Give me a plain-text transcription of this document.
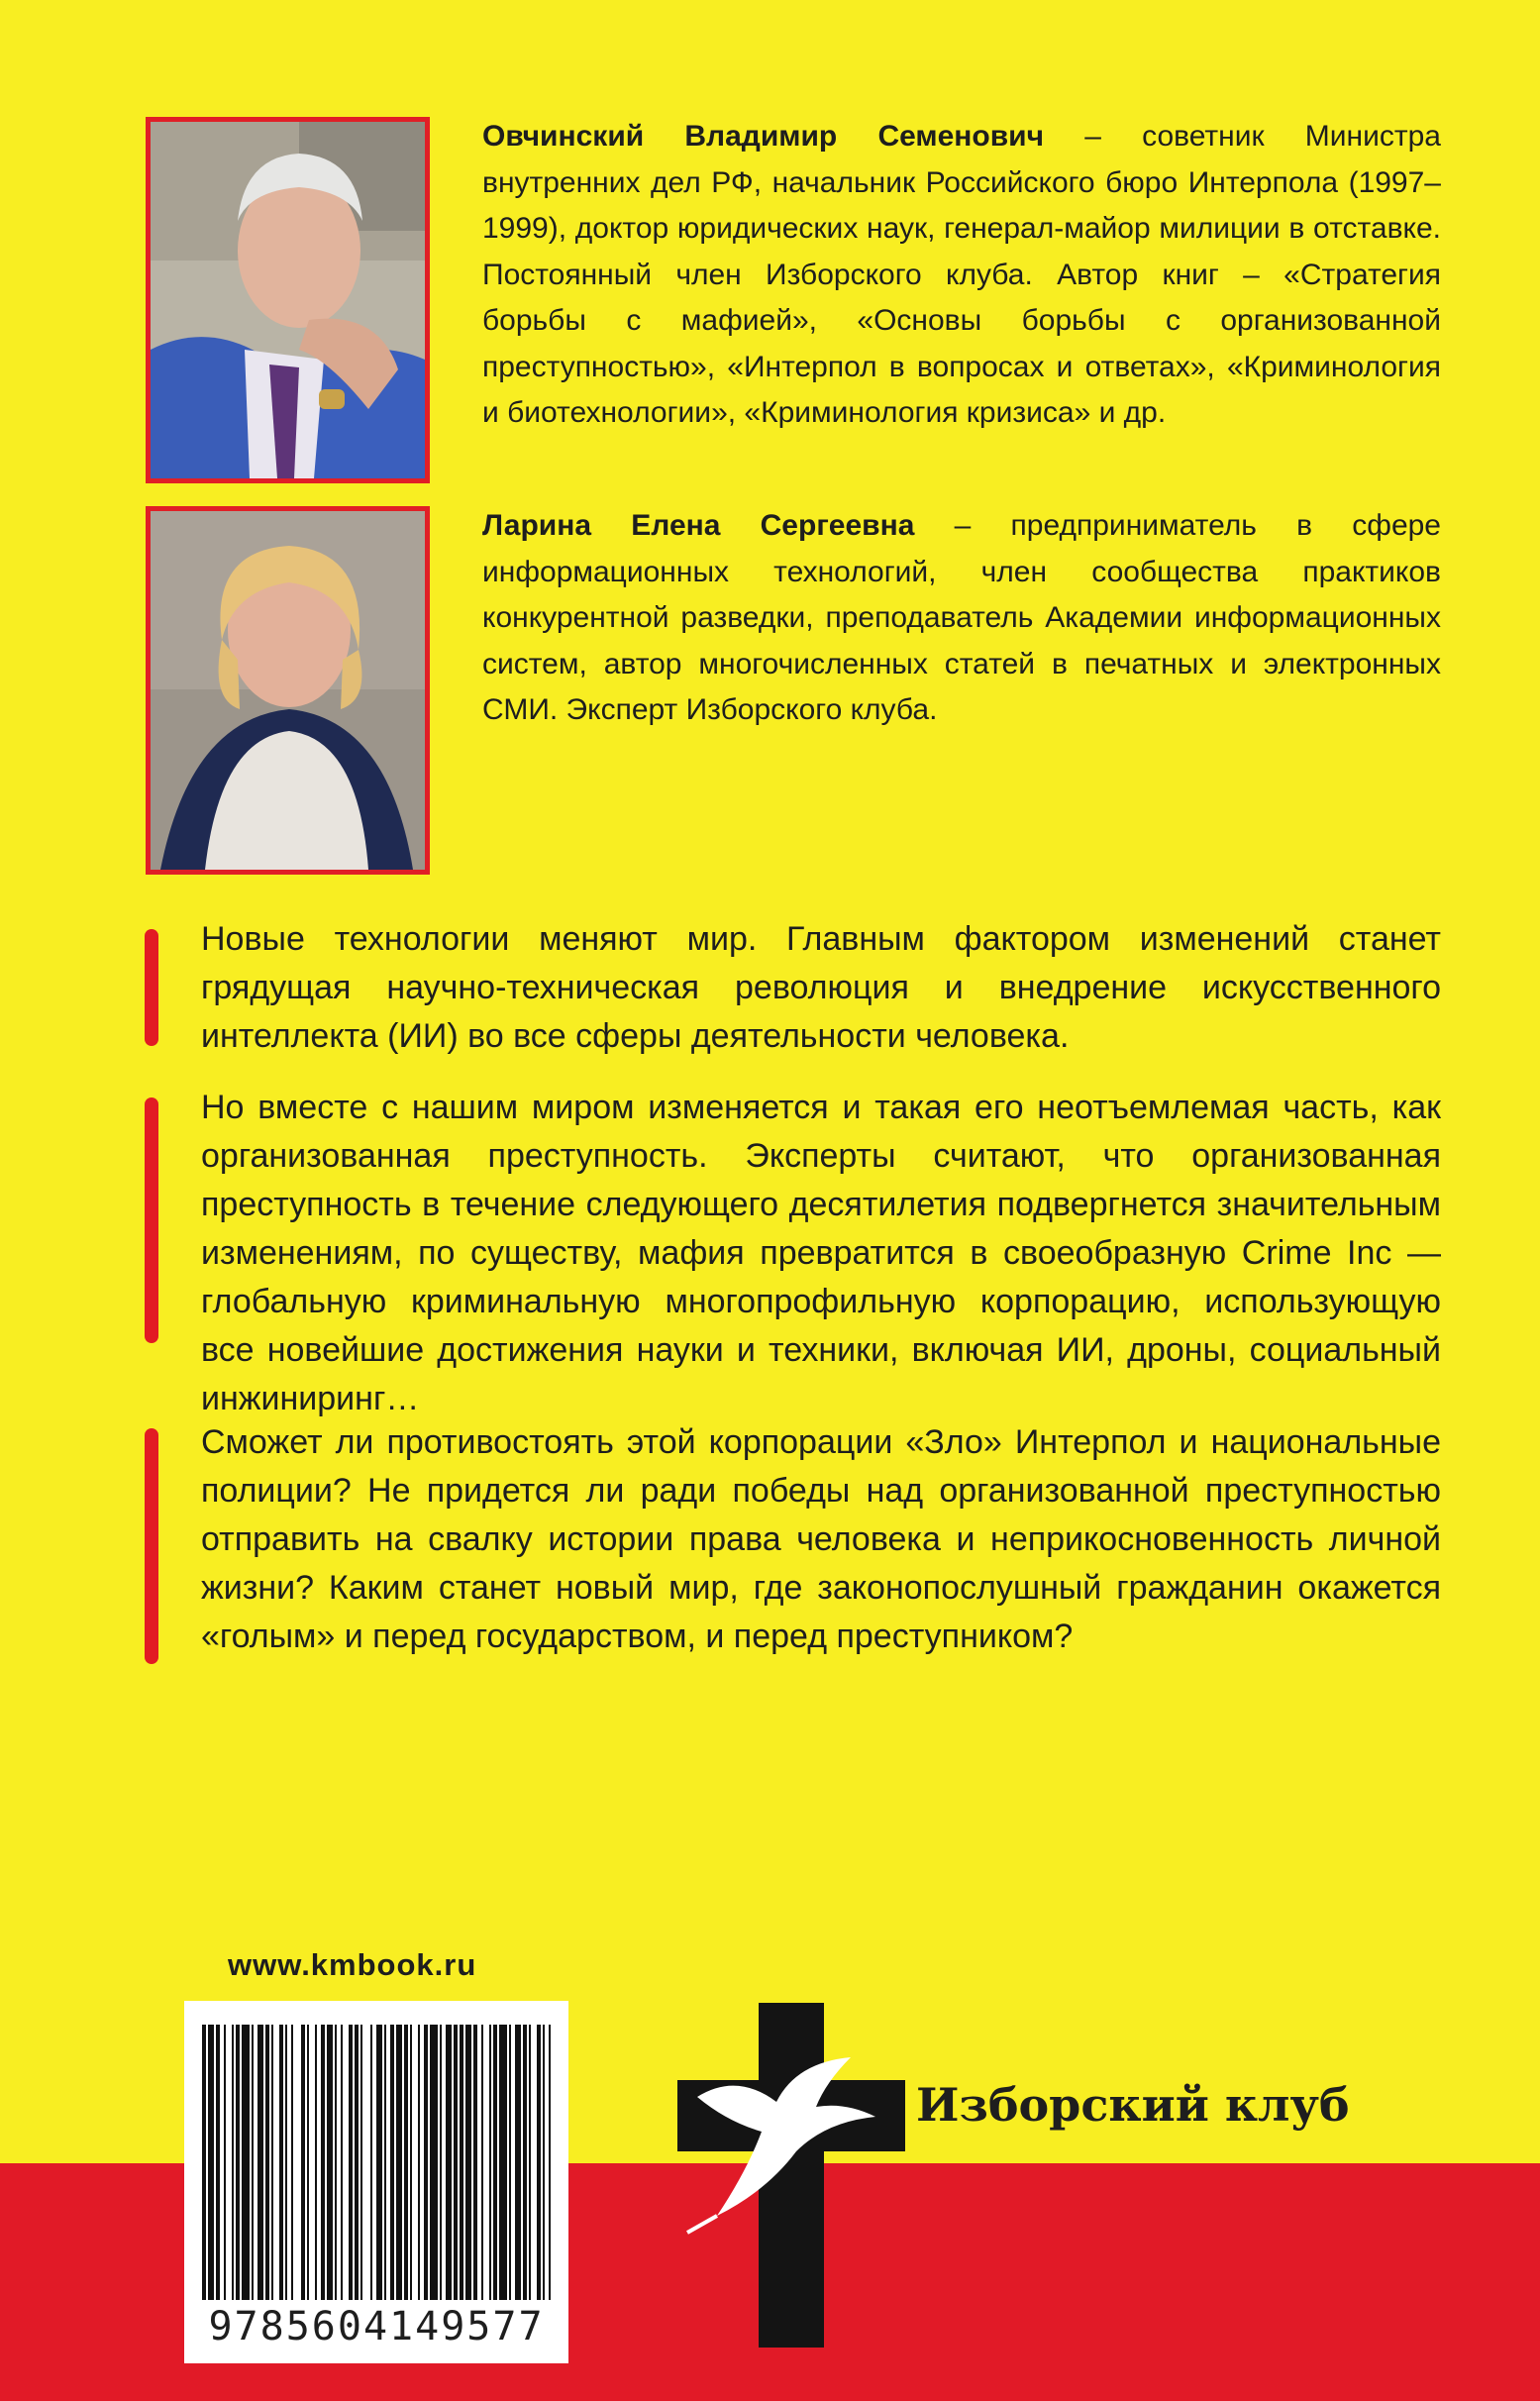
Овчинский Владимир Семенович – советник Министра внутренних дел РФ, начальник Российского бюро Интерпола (1997–1999), доктор юридических наук, генерал-майор милиции в отставке. Постоянный член Изборского клуба. Автор книг – «Стратегия борьбы с мафией», «Основы борьбы с организованной преступностью», «Интерпол в вопросах и ответах», «Криминология и биотехнологии», «Криминология кризиса» и др.

Ларина Елена Сергеевна – предприниматель в сфере информационных технологий, член сообщества практиков конкурентной разведки, преподаватель Академии информационных систем, автор многочисленных статей в печатных и электронных СМИ. Эксперт Изборского клуба.

Новые технологии меняют мир. Главным фактором изменений станет грядущая научно-техническая революция и внедрение искусственного интеллекта (ИИ) во все сферы деятельности человека.

Но вместе с нашим миром изменяется и такая его неотъемлемая часть, как организованная преступность. Эксперты считают, что организованная преступность в течение следующего десятилетия подвергнется значительным изменениям, по существу, мафия превратится в своеобразную Crime Inc — глобальную криминальную многопрофильную корпорацию, использующую все новейшие достижения науки и техники, включая ИИ, дроны, социальный инжиниринг…

Сможет ли противостоять этой корпорации «Зло» Интерпол и национальные полиции? Не придется ли ради победы над организованной преступностью отправить на свалку истории права человека и неприкосновенность личной жизни? Каким станет новый мир, где законопослушный гражданин окажется «голым» и перед государством, и перед преступником?

www.kmbook.ru

9785604149577

Изборский клуб
